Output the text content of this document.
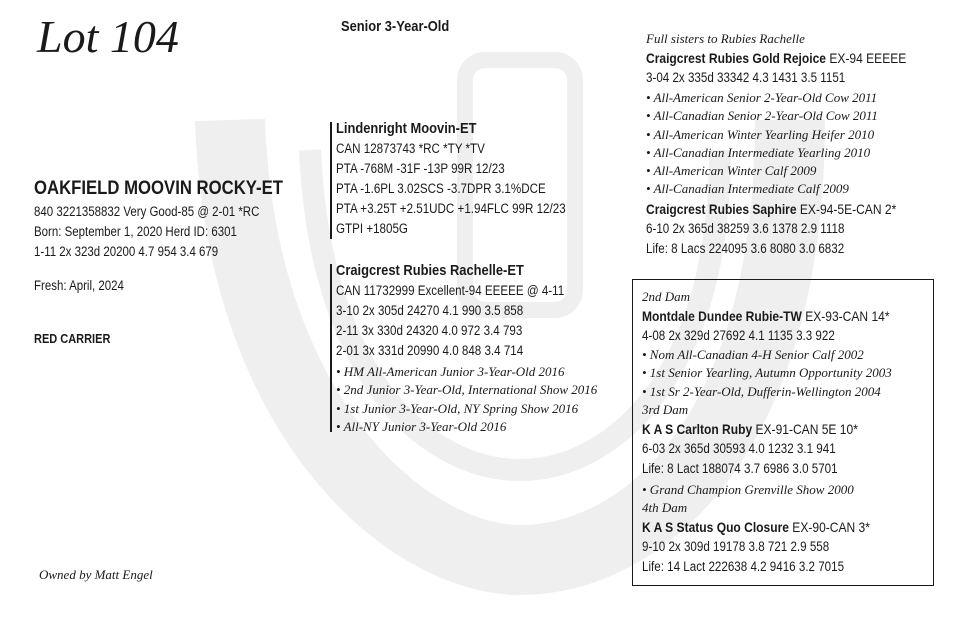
Lot 104	Senior 3-Year-Old
OAKFIELD MOOVIN ROCKY-ET
840 3221358832 Very Good-85 @ 2-01 *RC
Born: September 1, 2020 Herd ID: 6301
1-11 2x 323d 20200 4.7 954 3.4 679
Fresh: April, 2024
RED CARRIER
Owned by Matt Engel
Lindenright Moovin-ET
CAN 12873743 *RC *TY *TV
PTA -768M -31F -13P 99R 12/23
PTA -1.6PL 3.02SCS -3.7DPR 3.1%DCE
PTA +3.25T +2.51UDC +1.94FLC 99R 12/23
GTPI +1805G
Craigcrest Rubies Rachelle-ET
CAN 11732999 Excellent-94 EEEEE @ 4-11
3-10 2x 305d 24270 4.1 990 3.5 858
2-11 3x 330d 24320 4.0 972 3.4 793
2-01 3x 331d 20990 4.0 848 3.4 714
• HM All-American Junior 3-Year-Old 2016
• 2nd Junior 3-Year-Old, International Show 2016
• 1st Junior 3-Year-Old, NY Spring Show 2016
• All-NY Junior 3-Year-Old 2016
Full sisters to Rubies Rachelle
Craigcrest Rubies Gold Rejoice EX-94 EEEEE
3-04 2x 335d 33342 4.3 1431 3.5 1151
• All-American Senior 2-Year-Old Cow 2011
• All-Canadian Senior 2-Year-Old Cow 2011
• All-American Winter Yearling Heifer 2010
• All-Canadian Intermediate Yearling 2010
• All-American Winter Calf 2009
• All-Canadian Intermediate Calf 2009
Craigcrest Rubies Saphire EX-94-5E-CAN 2*
6-10 2x 365d 38259 3.6 1378 2.9 1118
Life: 8 Lacs 224095 3.6 8080 3.0 6832
2nd Dam
Montdale Dundee Rubie-TW EX-93-CAN 14*
4-08 2x 329d 27692 4.1 1135 3.3 922
• Nom All-Canadian 4-H Senior Calf 2002
• 1st Senior Yearling, Autumn Opportunity 2003
• 1st Sr 2-Year-Old, Dufferin-Wellington 2004
3rd Dam
K A S Carlton Ruby EX-91-CAN 5E 10*
6-03 2x 365d 30593 4.0 1232 3.1 941
Life: 8 Lact 188074 3.7 6986 3.0 5701
• Grand Champion Grenville Show 2000
4th Dam
K A S Status Quo Closure EX-90-CAN 3*
9-10 2x 309d 19178 3.8 721 2.9 558
Life: 14 Lact 222638 4.2 9416 3.2 7015
